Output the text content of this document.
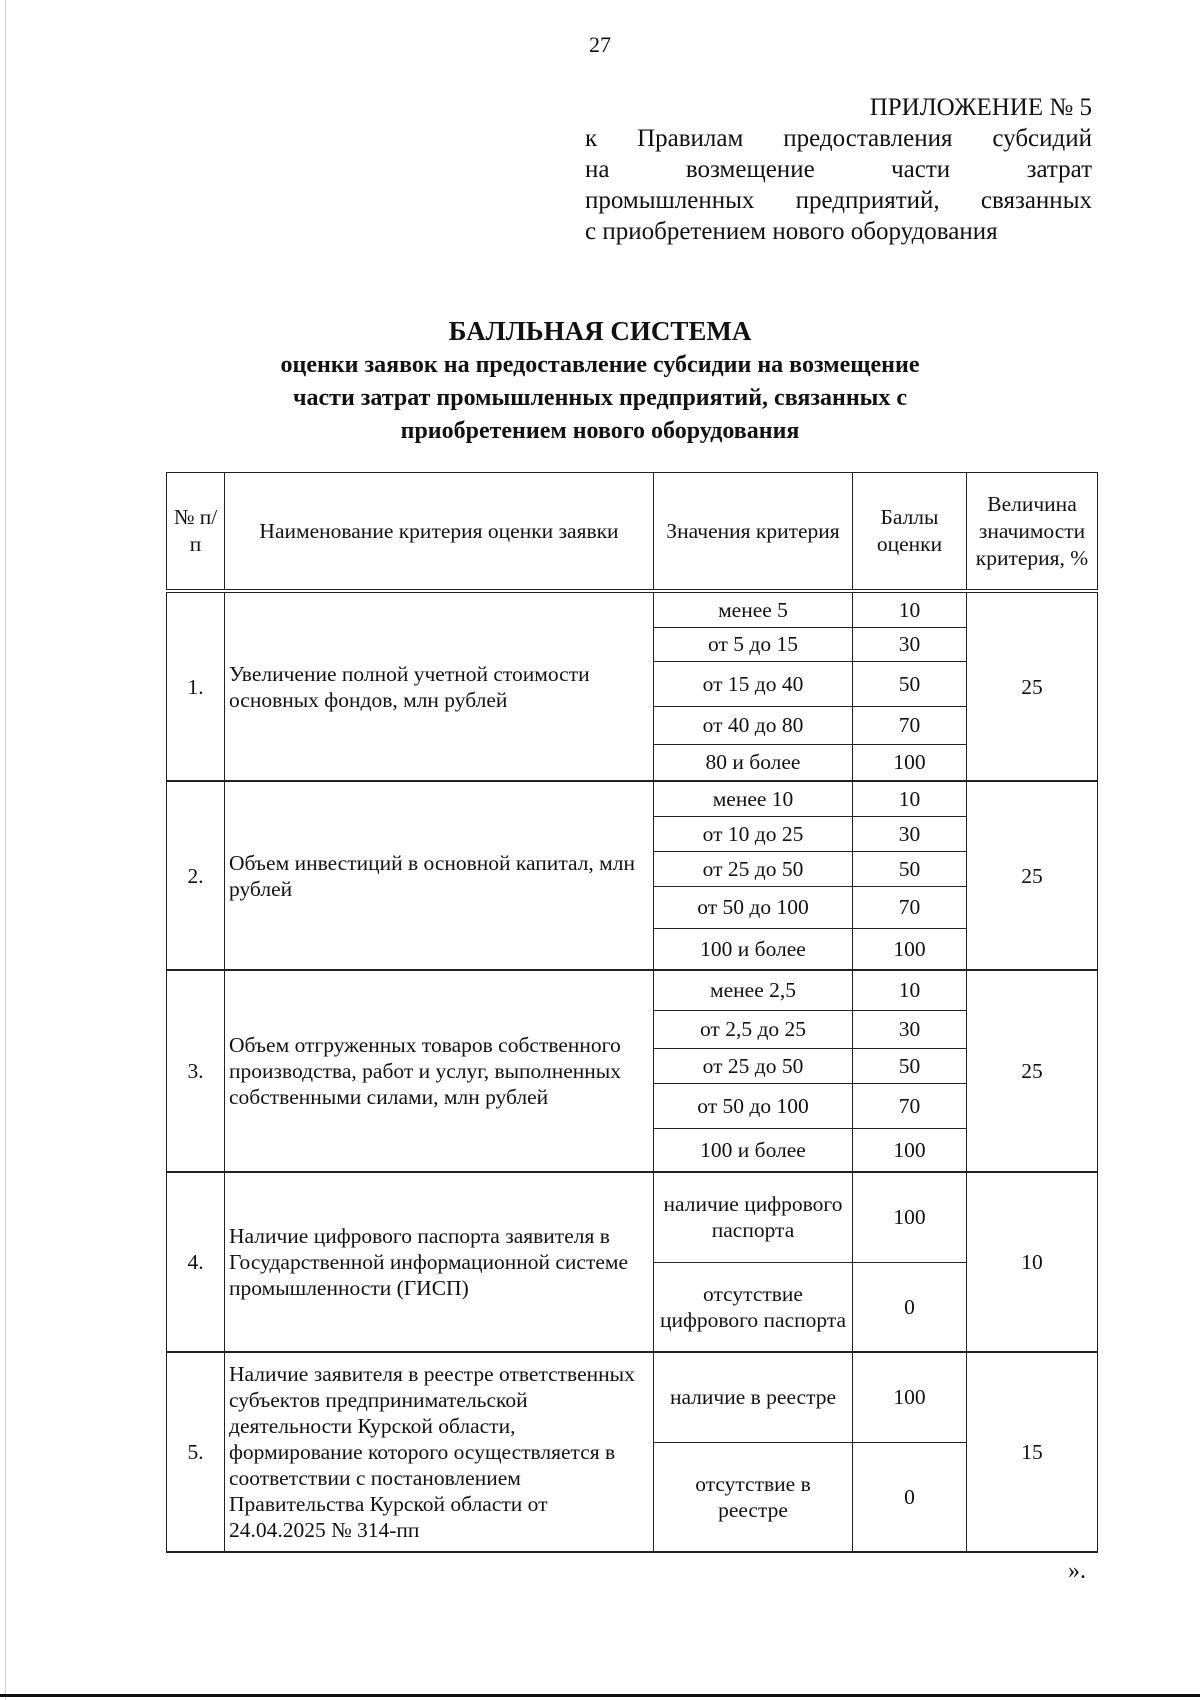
27
ПРИЛОЖЕНИЕ № 5
к Правилам предоставления субсидий
на возмещение части затрат
промышленных предприятий, связанных
с приобретением нового оборудования
БАЛЛЬНАЯ СИСТЕМА
оценки заявок на предоставление субсидии на возмещение
части затрат промышленных предприятий, связанных с
приобретением нового оборудования
№ п/п	Наименование критерия оценки заявки	Значения критерия	Баллы оценки	Величина значимости критерия, %
1.	Увеличение полной учетной стоимости основных фондов, млн рублей	менее 5	10	25
		от 5 до 15	30	
		от 15 до 40	50	
		от 40 до 80	70	
		80 и более	100	
2.	Объем инвестиций в основной капитал, млн рублей	менее 10	10	25
		от 10 до 25	30	
		от 25 до 50	50	
		от 50 до 100	70	
		100 и более	100	
3.	Объем отгруженных товаров собственного производства, работ и услуг, выполненных собственными силами, млн рублей	менее 2,5	10	25
		от 2,5 до 25	30	
		от 25 до 50	50	
		от 50 до 100	70	
		100 и более	100	
4.	Наличие цифрового паспорта заявителя в Государственной информационной системе промышленности (ГИСП)	наличие цифрового паспорта	100	10
		отсутствие цифрового паспорта	0	
5.	Наличие заявителя в реестре ответственных субъектов предпринимательской деятельности Курской области, формирование которого осуществляется в соответствии с постановлением Правительства Курской области от 24.04.2025 № 314-пп	наличие в реестре	100	15
		отсутствие в реестре	0	
».
